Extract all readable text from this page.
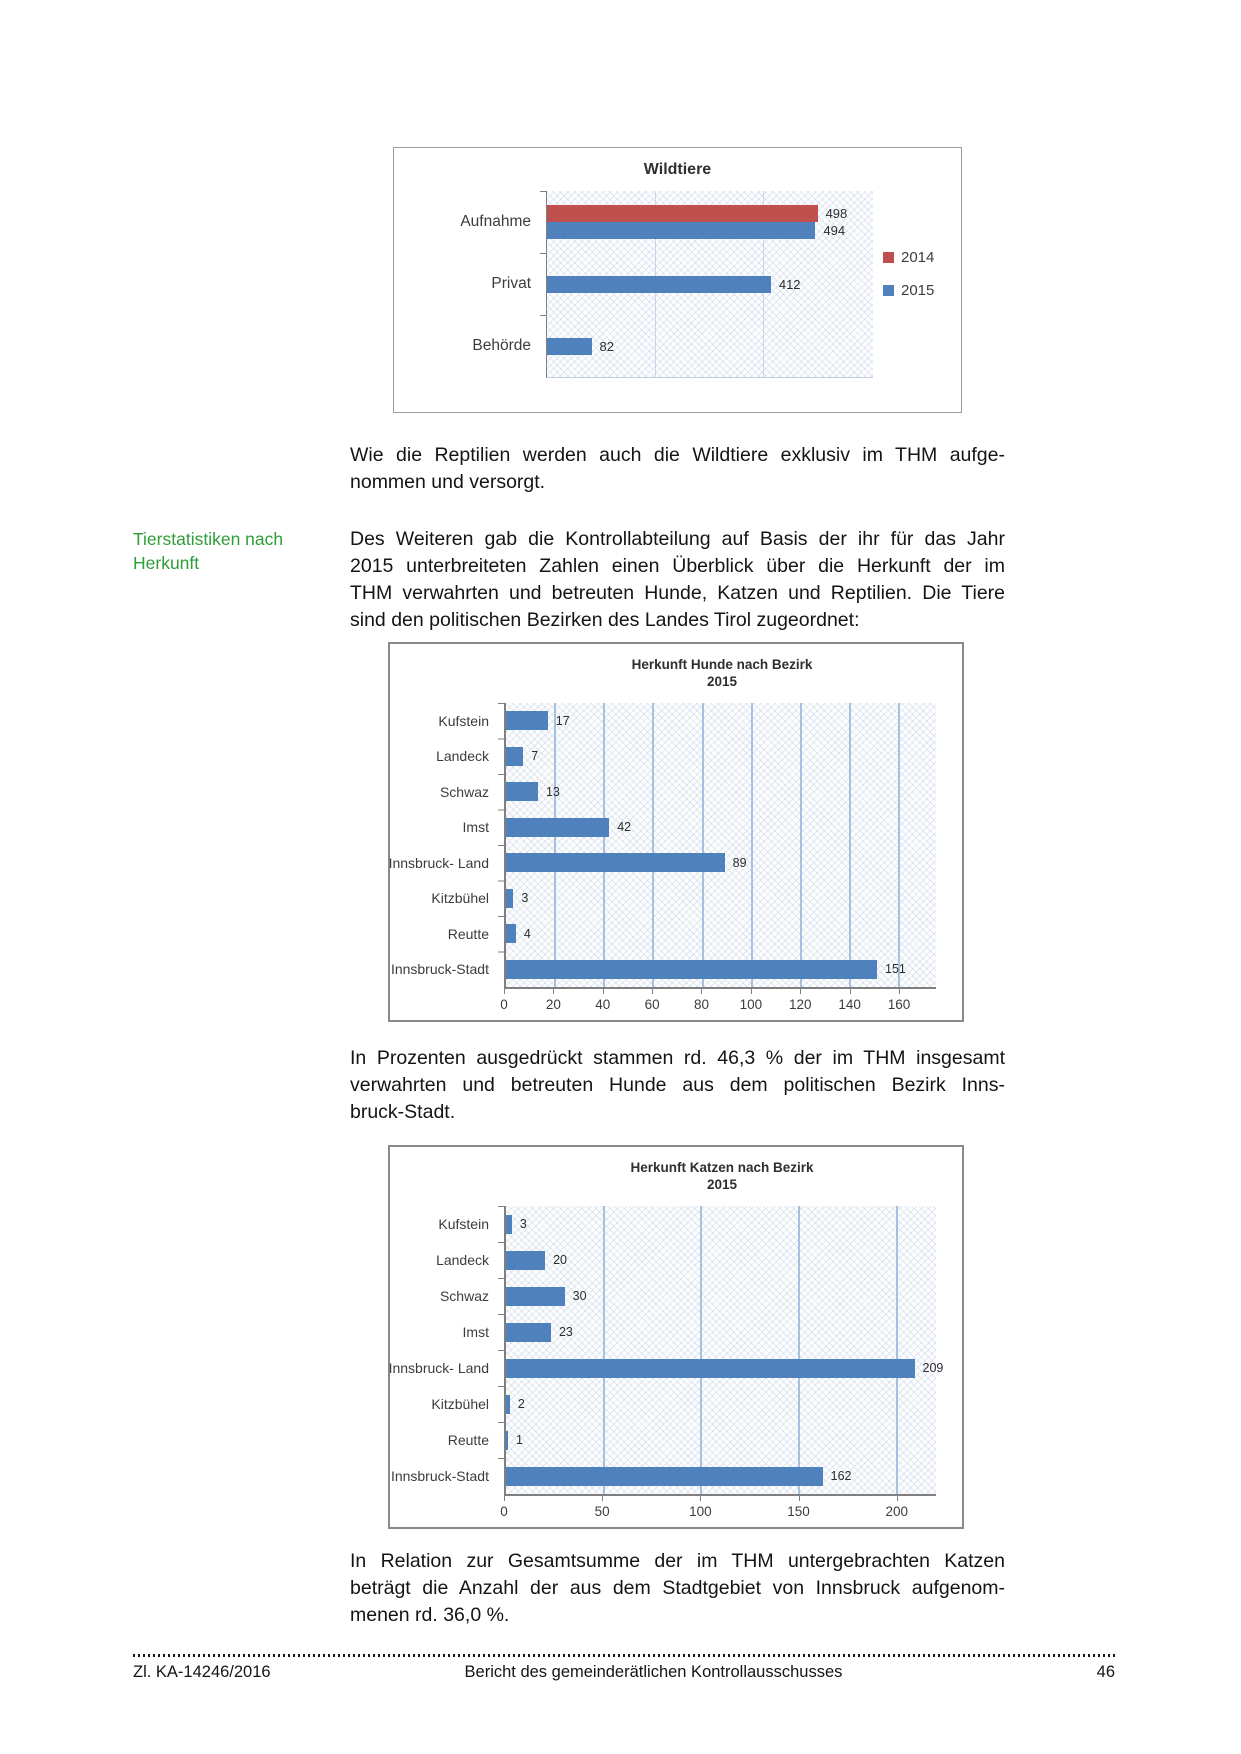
Wildtiere
Aufnahme
Privat
Behörde
498
494
412
82
2014
2015
Wie die Reptilien werden auch die Wildtiere exklusiv im THM aufge-
nommen und versorgt.
Tierstatistiken nach
Herkunft
Des Weiteren gab die Kontrollabteilung auf Basis der ihr für das Jahr
2015 unterbreiteten Zahlen einen Überblick über die Herkunft der im
THM verwahrten und betreuten Hunde, Katzen und Reptilien. Die Tiere
sind den politischen Bezirken des Landes Tirol zugeordnet:
Herkunft Hunde nach Bezirk
2015
Kufstein
Landeck
Schwaz
Imst
Innsbruck- Land
Kitzbühel
Reutte
Innsbruck-Stadt
17
7
13
42
89
3
4
151
0	20	40	60	80 100 120 140 160
In Prozenten ausgedrückt stammen rd. 46,3 % der im THM insgesamt
verwahrten und betreuten Hunde aus dem politischen Bezirk Inns-
bruck-Stadt.
Herkunft Katzen nach Bezirk
2015
Kufstein
Landeck
Schwaz
Imst
Innsbruck- Land
Kitzbühel
Reutte
Innsbruck-Stadt
3
20
30
23
209
2
1
162
0	50	100	150	200
In Relation zur Gesamtsumme der im THM untergebrachten Katzen
beträgt die Anzahl der aus dem Stadtgebiet von Innsbruck aufgenom-
menen rd. 36,0 %.
Zl. KA-14246/2016	Bericht des gemeinderätlichen Kontrollausschusses	46
